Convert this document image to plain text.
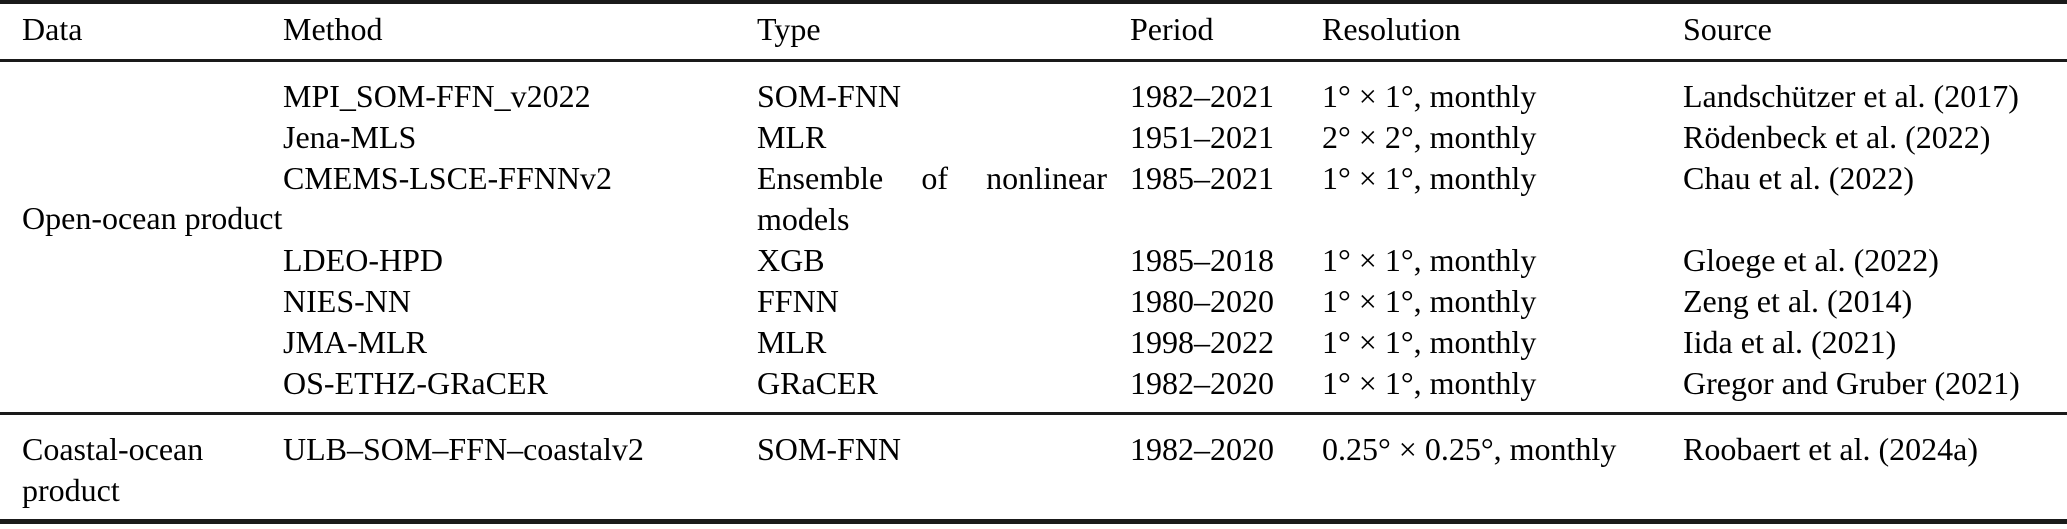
Data	Method	Type	Period	Resolution	Source
Open-ocean product	MPI_SOM-FFN_v2022	SOM-FNN	1982–2021	1° × 1°, monthly	Landschützer et al. (2017)
	Jena-MLS	MLR	1951–2021	2° × 2°, monthly	Rödenbeck et al. (2022)
	CMEMS-LSCE-FFNNv2	Ensemble of nonlinear models	1985–2021	1° × 1°, monthly	Chau et al. (2022)
	LDEO-HPD	XGB	1985–2018	1° × 1°, monthly	Gloege et al. (2022)
	NIES-NN	FFNN	1980–2020	1° × 1°, monthly	Zeng et al. (2014)
	JMA-MLR	MLR	1998–2022	1° × 1°, monthly	Iida et al. (2021)
	OS-ETHZ-GRaCER	GRaCER	1982–2020	1° × 1°, monthly	Gregor and Gruber (2021)
Coastal-ocean product	ULB–SOM–FFN–coastalv2	SOM-FNN	1982–2020	0.25° × 0.25°, monthly	Roobaert et al. (2024a)
